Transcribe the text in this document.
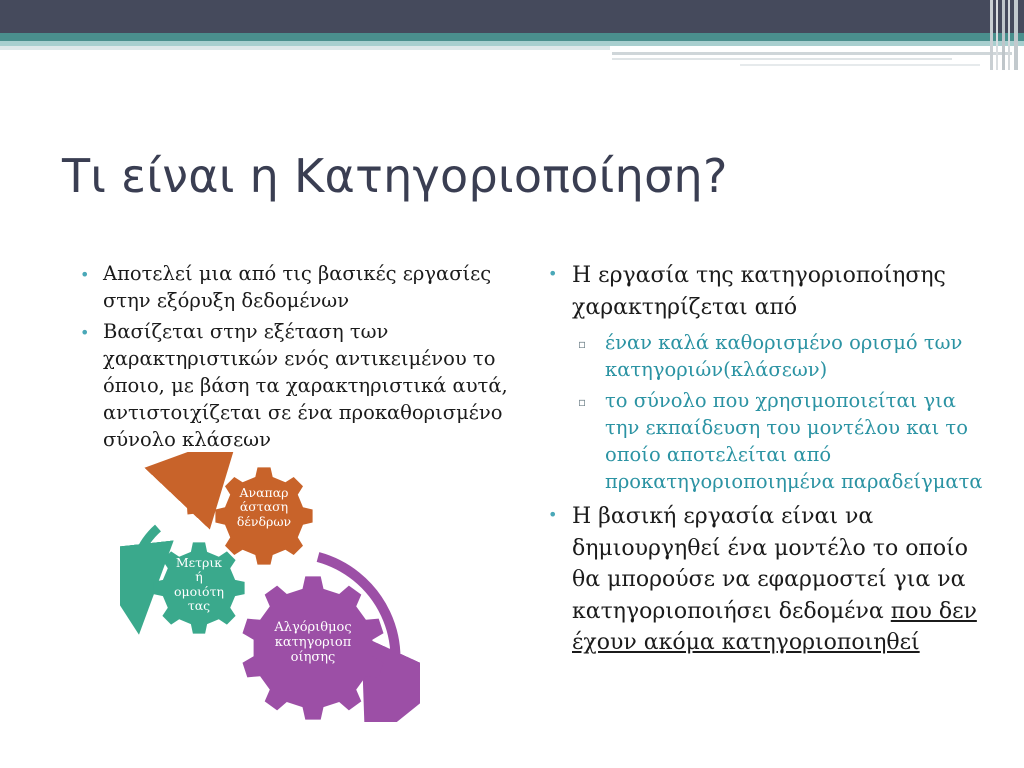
Τι είναι η Κατηγοριοποίηση?
• Αποτελεί μια από τις βασικές εργασίες στην εξόρυξη δεδομένων
• Βασίζεται στην εξέταση των χαρακτηριστικών ενός αντικειμένου το όποιο, με βάση τα χαρακτηριστικά αυτά, αντιστοιχίζεται σε ένα προκαθορισμένο σύνολο κλάσεων
• Η εργασία της κατηγοριοποίησης χαρακτηρίζεται από
▫ έναν καλά καθορισμένο ορισμό των κατηγοριών(κλάσεων)
▫ το σύνολο που χρησιμοποιείται για την εκπαίδευση του μοντέλου και το οποίο αποτελείται από προκατηγοριοποιημένα παραδείγματα
• Η βασική εργασία είναι να δημιουργηθεί ένα μοντέλο το οποίο θα μπορούσε να εφαρμοστεί για να κατηγοριοποιήσει δεδομένα που δεν έχουν ακόμα κατηγοριοποιηθεί
Αναπαρ
άσταση
δένδρων
Μετρικ
ή
ομοιότη
τας
Αλγόριθμος
κατηγοριοπ
οίησης
